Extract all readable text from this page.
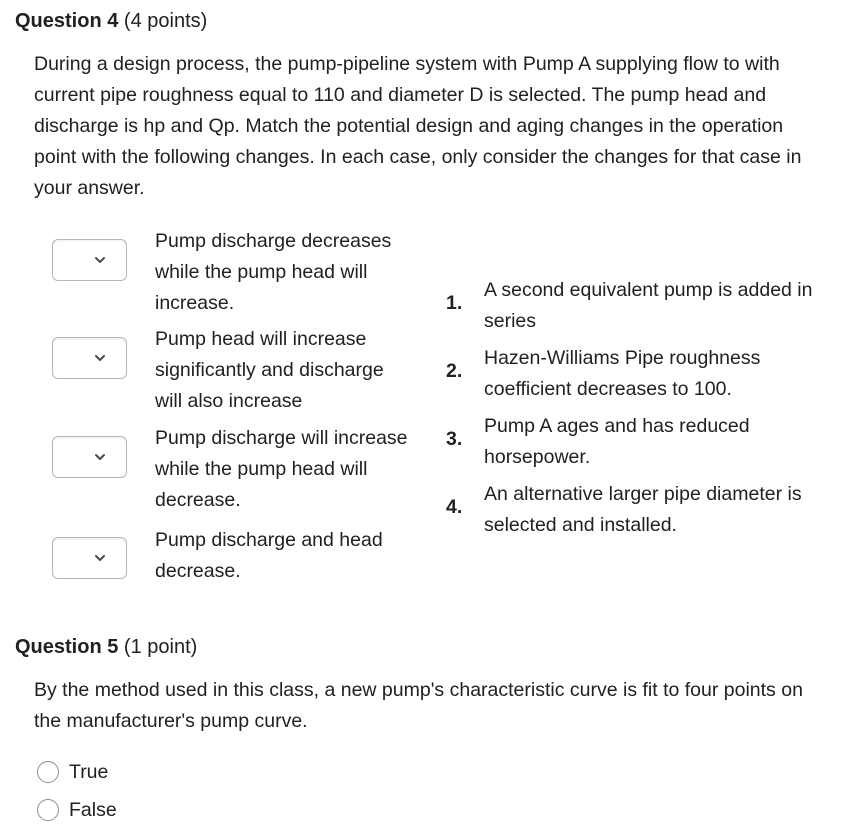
Question 4 (4 points)
During a design process, the pump-pipeline system with Pump A supplying flow to with current pipe roughness equal to 110 and diameter D is selected. The pump head and discharge is hp and Qp. Match the potential design and aging changes in the operation point with the following changes. In each case, only consider the changes for that case in your answer.
Pump discharge decreases while the pump head will increase.
Pump head will increase significantly and discharge will also increase
Pump discharge will increase while the pump head will decrease.
Pump discharge and head decrease.
1.
A second equivalent pump is added in series
2.
Hazen-Williams Pipe roughness coefficient decreases to 100.
3.
Pump A ages and has reduced horsepower.
4.
An alternative larger pipe diameter is selected and installed.
Question 5 (1 point)
By the method used in this class, a new pump's characteristic curve is fit to four points on the manufacturer's pump curve.
True
False
